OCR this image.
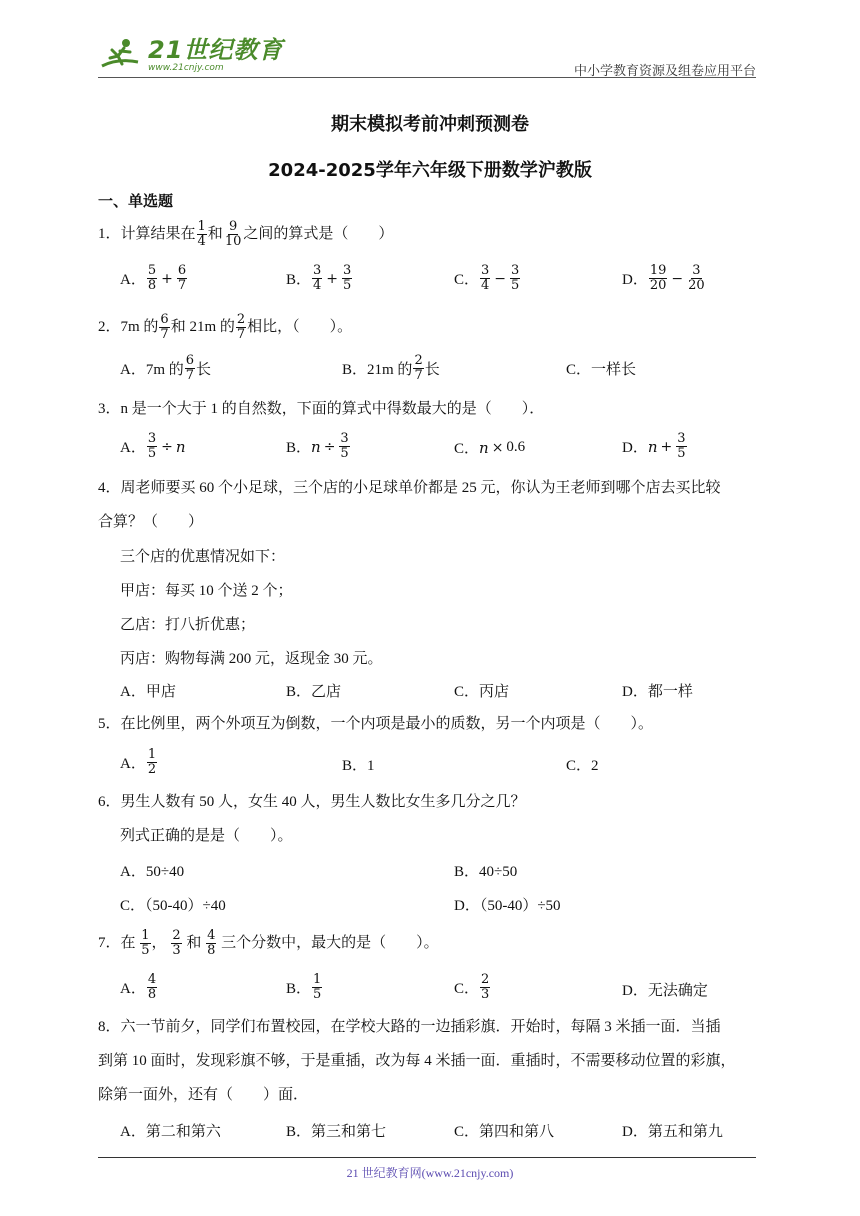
21世纪教育
www.21cnjy.com	中小学教育资源及组卷应用平台
期末模拟考前冲刺预测卷
2024-2025学年六年级下册数学沪教版
一、单选题
1．计算结果在 $\frac{1}{4}$ 和 $\frac{9}{10}$ 之间的算式是（　　）
A． $\frac{5}{8} + \frac{6}{7}$	B． $\frac{3}{4} + \frac{3}{5}$	C． $\frac{3}{4} - \frac{3}{5}$	D． $\frac{19}{20} - \frac{3}{20}$
2．7m 的 $\frac{6}{7}$ 和 21m 的 $\frac{2}{7}$ 相比，（　　）。
A．7m 的 $\frac{6}{7}$ 长	B．21m 的 $\frac{2}{7}$ 长	C．一样长
3．n 是一个大于 1 的自然数，下面的算式中得数最大的是（　　）．
A． $\frac{3}{5} \div n$	B． $n \div \frac{3}{5}$	C． n × 0.6	D． $n + \frac{3}{5}$
4．周老师要买 60 个小足球，三个店的小足球单价都是 25 元，你认为王老师到哪个店去买比较
合算？（　　）
三个店的优惠情况如下：
甲店：每买 10 个送 2 个；
乙店：打八折优惠；
丙店：购物每满 200 元，返现金 30 元。
A．甲店	B．乙店	C．丙店	D．都一样
5．在比例里，两个外项互为倒数，一个内项是最小的质数，另一个内项是（　　）。
A． $\frac{1}{2}$	B．1	C．2
6．男生人数有 50 人，女生 40 人，男生人数比女生多几分之几？
列式正确的是是（　　）。
A．50÷40	B．40÷50
C．（50-40）÷40	D．（50-40）÷50
7．在 $\frac{1}{5}$ ， $\frac{2}{3}$ 和 $\frac{4}{8}$ 三个分数中，最大的是（　　）。
A． $\frac{4}{8}$	B． $\frac{1}{5}$	C． $\frac{2}{3}$	D．无法确定
8．六一节前夕，同学们布置校园，在学校大路的一边插彩旗．开始时，每隔 3 米插一面．当插
到第 10 面时，发现彩旗不够，于是重插，改为每 4 米插一面．重插时，不需要移动位置的彩旗，
除第一面外，还有（　　）面．
A．第二和第六	B．第三和第七	C．第四和第八	D．第五和第九
21 世纪教育网(www.21cnjy.com)
